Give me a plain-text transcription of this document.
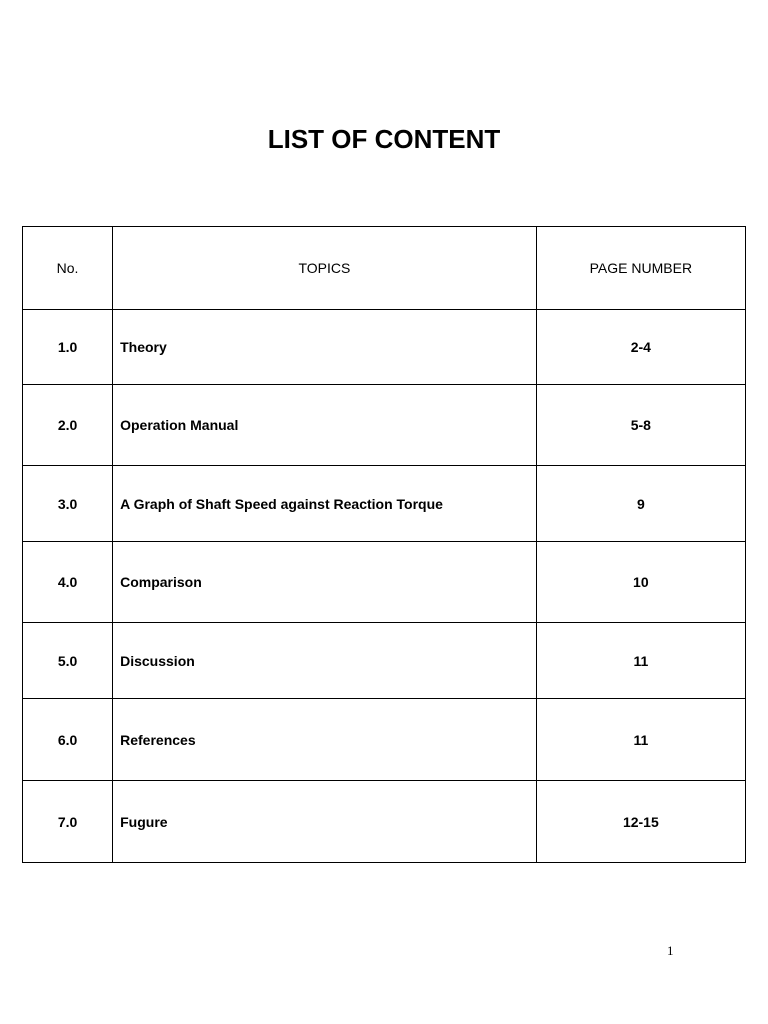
LIST OF CONTENT
No.	TOPICS	PAGE NUMBER
1.0	Theory	2-4
2.0	Operation Manual	5-8
3.0	A Graph of Shaft Speed against Reaction Torque	9
4.0	Comparison	10
5.0	Discussion	11
6.0	References	11
7.0	Fugure	12-15
1
